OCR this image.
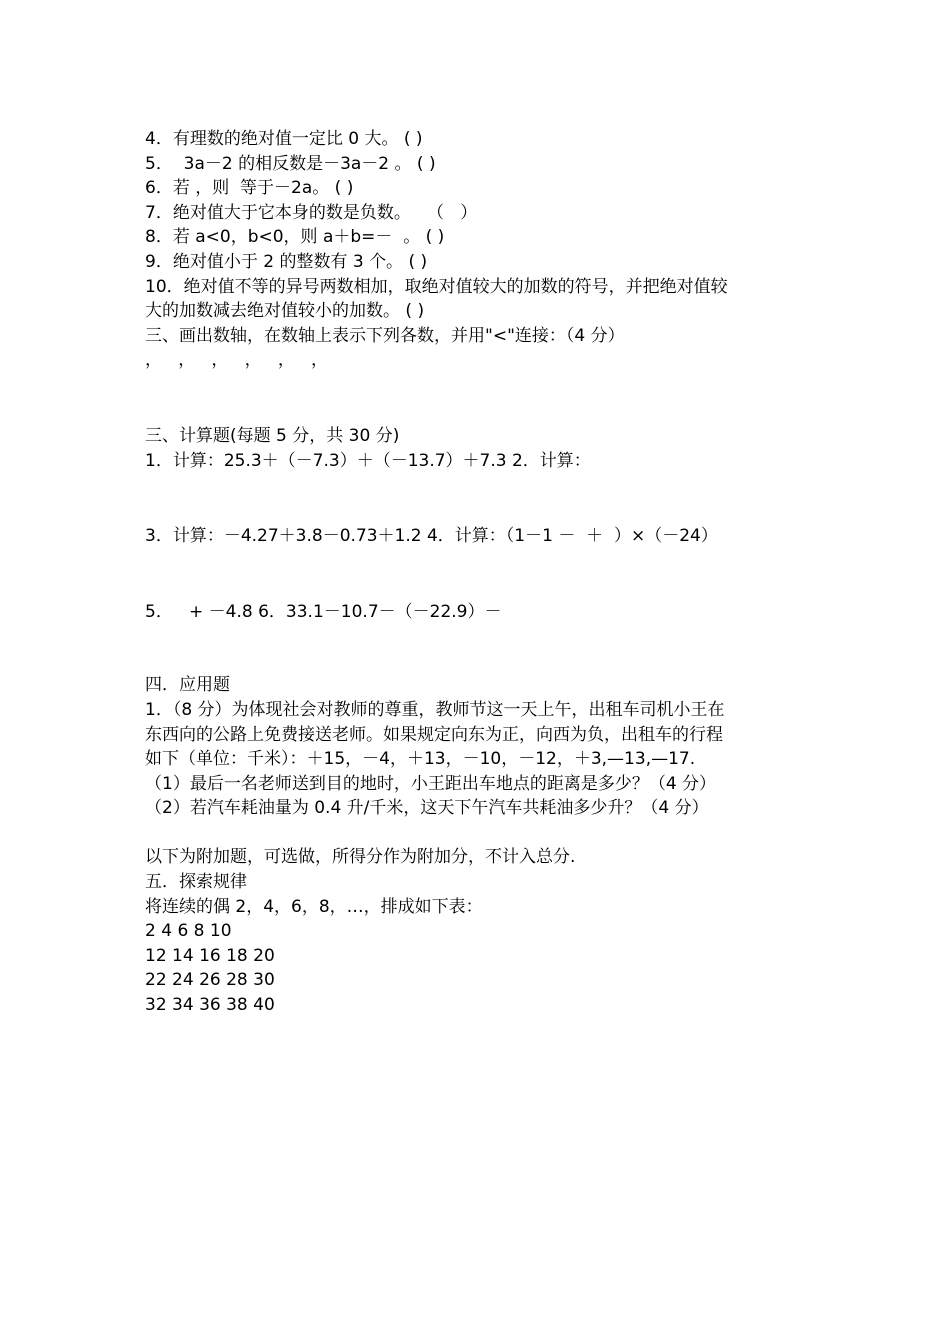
4．有理数的绝对值一定比 0 大。 ( )
5．  3a－2 的相反数是－3a－2 。 ( )
6．若 ，则  等于－2a。 ( )
7．绝对值大于它本身的数是负数。   （   ）
8．若 a<0，b<0，则 a＋b=－  。 ( )
9．绝对值小于 2 的整数有 3 个。 ( )
10．绝对值不等的异号两数相加，取绝对值较大的加数的符号，并把绝对值较
大的加数减去绝对值较小的加数。 ( )
三、画出数轴，在数轴上表示下列各数，并用"<"连接：（4 分）
，   ，   ，   ，   ，   ，
三、计算题(每题 5 分，共 30 分)
1．计算：25.3＋（－7.3）＋（－13.7）＋7.3 2．计算：
3．计算：－4.27＋3.8－0.73＋1.2 4．计算：（1－1 －  ＋  ）×（－24）
5．   + －4.8 6．33.1－10.7－（－22.9）－
四．应用题
1．（8 分）为体现社会对教师的尊重，教师节这一天上午，出租车司机小王在
东西向的公路上免费接送老师。如果规定向东为正，向西为负，出租车的行程
如下（单位：千米）：＋15，－4，＋13，－10，－12，＋3,—13,—17.
（1）最后一名老师送到目的地时，小王距出车地点的距离是多少？（4 分）
（2）若汽车耗油量为 0.4 升/千米，这天下午汽车共耗油多少升？（4 分）
以下为附加题，可选做，所得分作为附加分，不计入总分.
五．探索规律
将连续的偶 2，4，6，8，…，排成如下表：
2 4 6 8 10
12 14 16 18 20
22 24 26 28 30
32 34 36 38 40
